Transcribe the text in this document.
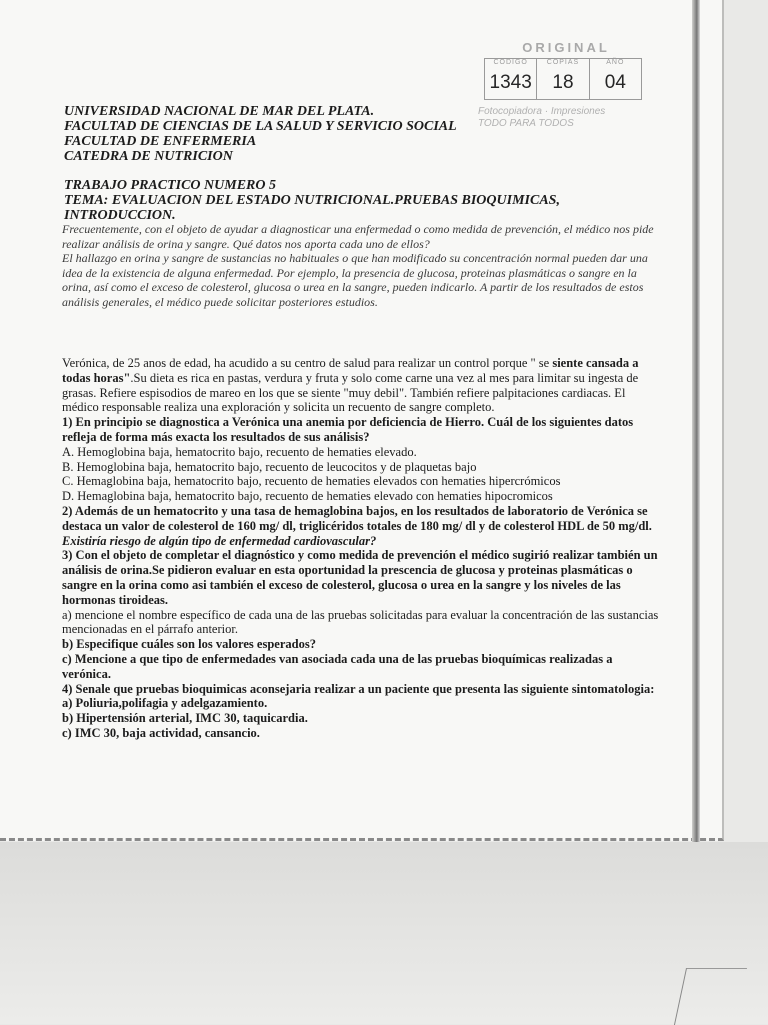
ORIGINAL
CODIGO
1343
COPIAS
18
AÑO
04
Fotocopiadora · Impresiones
TODO PARA TODOS
UNIVERSIDAD NACIONAL DE MAR DEL PLATA.
FACULTAD DE CIENCIAS DE LA SALUD Y SERVICIO SOCIAL
FACULTAD DE ENFERMERIA
CATEDRA DE NUTRICION
TRABAJO PRACTICO NUMERO 5
TEMA: EVALUACION DEL ESTADO NUTRICIONAL.PRUEBAS BIOQUIMICAS,
INTRODUCCION.

Frecuentemente, con el objeto de ayudar a diagnosticar una enfermedad o como medida de prevención, el médico nos pide realizar análisis de orina y sangre. Qué datos nos aporta cada uno de ellos?

El hallazgo en orina y sangre de sustancias no habituales o que han modificado su concentración normal pueden dar una idea de la existencia de alguna enfermedad. Por ejemplo, la presencia de glucosa, proteinas plasmáticas o sangre en la orina, así como el exceso de colesterol, glucosa o urea en la sangre, pueden indicarlo. A partir de los resultados de estos análisis generales, el médico puede solicitar posteriores estudios.

Verónica, de 25 anos de edad, ha acudido a su centro de salud para realizar un control porque " se siente cansada a todas horas".Su dieta es rica en pastas, verdura y fruta y solo come carne una vez al mes para limitar su ingesta de grasas. Refiere espisodios de mareo en los que se siente "muy debil". También refiere palpitaciones cardiacas. El médico responsable realiza una exploración y solicita un recuento de sangre completo.

1) En principio se diagnostica a Verónica una anemia por deficiencia de Hierro. Cuál de los siguientes datos refleja de forma más exacta los resultados de sus análisis?

A. Hemoglobina baja, hematocrito bajo, recuento de hematies elevado.

B. Hemoglobina baja, hematocrito bajo, recuento de leucocitos y de plaquetas bajo

C. Hemaglobina baja, hematocrito bajo, recuento de hematies elevados con hematies hipercrómicos

D. Hemaglobina baja, hematocrito bajo, recuento de hematies elevado con hematies hipocromicos

2) Además de un hematocrito y una tasa de hemaglobina bajos, en los resultados de laboratorio de Verónica se destaca un valor de colesterol de 160 mg/ dl, triglicéridos totales de 180 mg/ dl y de colesterol HDL de 50 mg/dl.

Existiría riesgo de algún tipo de enfermedad cardiovascular?

3) Con el objeto de completar el diagnóstico y como medida de prevención el médico sugirió realizar también un análisis de orina.Se pidieron evaluar en esta oportunidad la prescencia de glucosa y proteinas plasmáticas o sangre en la orina como asi también el exceso de colesterol, glucosa o urea en la sangre y los niveles de las hormonas tiroideas.

a) mencione el nombre específico de cada una de las pruebas solicitadas para evaluar la concentración de las sustancias mencionadas en el párrafo anterior.

b) Especifique cuáles son los valores esperados?

c) Mencione a que tipo de enfermedades van asociada cada una de las pruebas bioquímicas realizadas a verónica.

4) Senale que pruebas bioquimicas aconsejaria realizar a un paciente que presenta las siguiente sintomatologia:

a) Poliuria,polifagia y adelgazamiento.

b) Hipertensión arterial, IMC 30, taquicardia.

c) IMC 30, baja actividad, cansancio.
